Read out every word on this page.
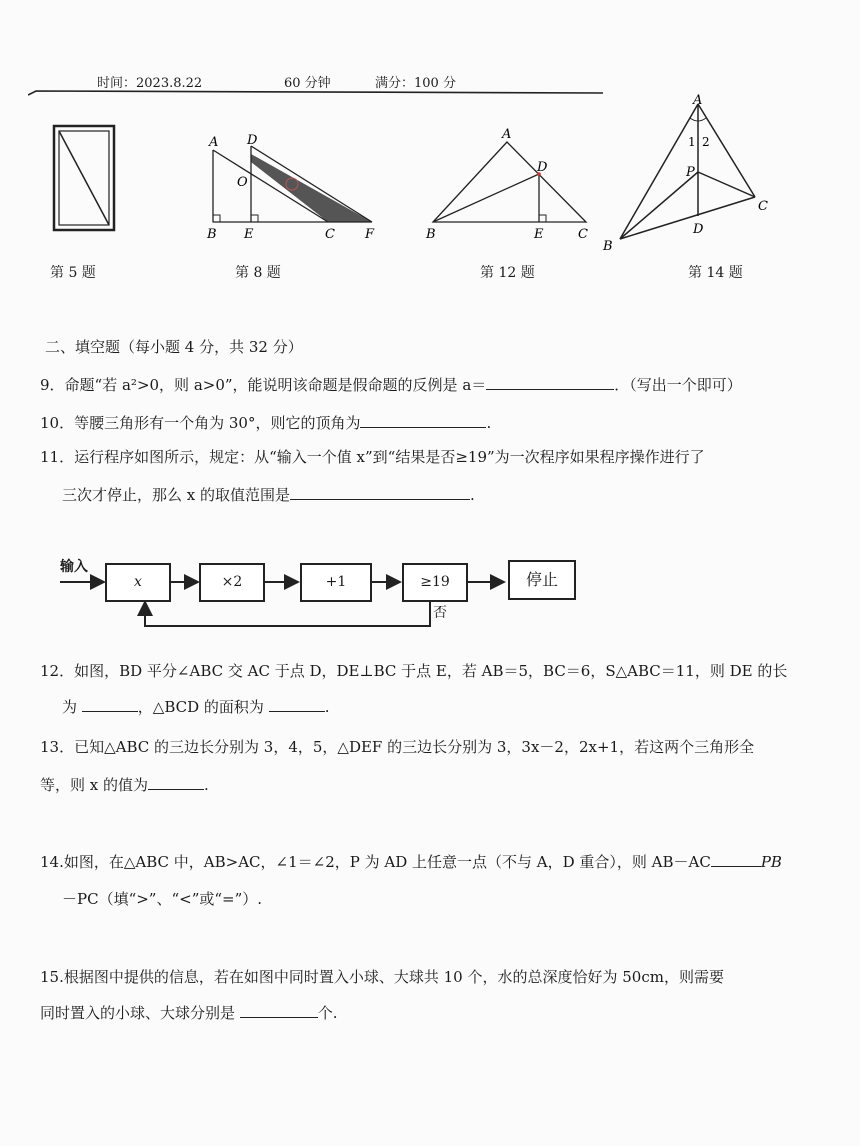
时间：2023.8.22	60 分钟	满分：100 分
第 5 题
A D
O
B E	C F
第 8 题
A
D
B	E	C
第 12 题
A
1 2
P
C
D
B
第 14 题
二、填空题（每小题 4 分，共 32 分）
9．命题“若 a²>0，则 a>0”，能说明该命题是假命题的反例是 a＝	．（写出一个即可）
10．等腰三角形有一个角为 30°，则它的顶角为	.
11．运行程序如图所示，规定：从“输入一个值 x”到“结果是否≥19”为一次程序如果程序操作进行了
三次才停止，那么 x 的取值范围是	.
输入
x	×2	+1	≥19	停止
否
12．如图，BD 平分∠ABC 交 AC 于点 D，DE⊥BC 于点 E，若 AB＝5，BC＝6，S△ABC＝11，则 DE 的长
为	，△BCD 的面积为	.
13．已知△ABC 的三边长分别为 3，4，5，△DEF 的三边长分别为 3，3x－2，2x+1，若这两个三角形全
等，则 x 的值为	.
14.如图，在△ABC 中，AB>AC，∠1＝∠2，P 为 AD 上任意一点（不与 A，D 重合），则 AB－AC	PB
－PC（填“>”、“<”或“=”）.
15.根据图中提供的信息，若在如图中同时置入小球、大球共 10 个，水的总深度恰好为 50cm，则需要
同时置入的小球、大球分别是	个.
